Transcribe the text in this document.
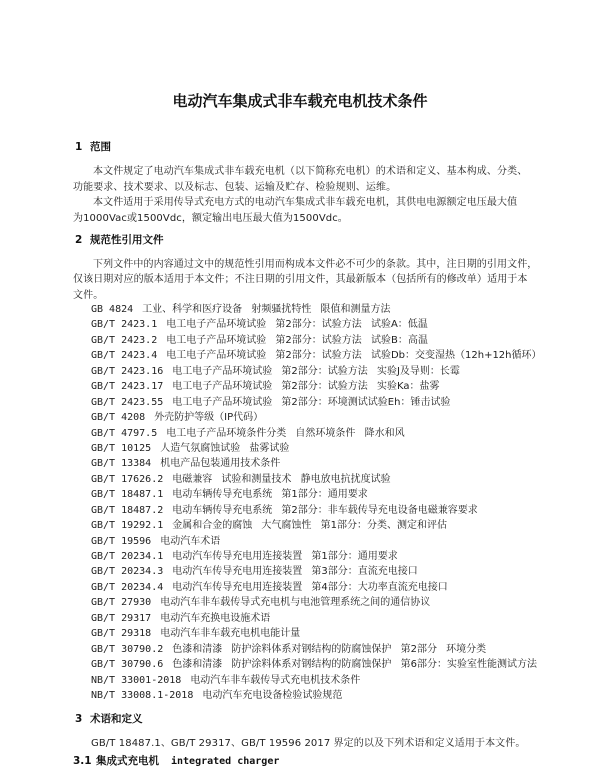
电动汽车集成式非车载充电机技术条件
1 范围
本文件规定了电动汽车集成式非车载充电机（以下简称充电机）的术语和定义、基本构成、分类、
功能要求、技术要求、以及标志、包装、运输及贮存、检验规则、运维。
本文件适用于采用传导式充电方式的电动汽车集成式非车载充电机，其供电电源额定电压最大值
为1000Vac或1500Vdc，额定输出电压最大值为1500Vdc。
2 规范性引用文件
下列文件中的内容通过文中的规范性引用而构成本文件必不可少的条款。其中，注日期的引用文件，
仅该日期对应的版本适用于本文件；不注日期的引用文件，其最新版本（包括所有的修改单）适用于本
文件。
GB 4824 工业、科学和医疗设备 射频骚扰特性 限值和测量方法
GB/T 2423.1 电工电子产品环境试验 第2部分：试验方法 试验A：低温
GB/T 2423.2 电工电子产品环境试验 第2部分：试验方法 试验B：高温
GB/T 2423.4 电工电子产品环境试验 第2部分：试验方法 试验Db：交变湿热（12h+12h循环）
GB/T 2423.16 电工电子产品环境试验 第2部分：试验方法 实验J及导则：长霉
GB/T 2423.17 电工电子产品环境试验 第2部分：试验方法 实验Ka：盐雾
GB/T 2423.55 电工电子产品环境试验 第2部分：环境测试试验Eh：锤击试验
GB/T 4208 外壳防护等级（IP代码）
GB/T 4797.5 电工电子产品环境条件分类 自然环境条件 降水和风
GB/T 10125 人造气氛腐蚀试验 盐雾试验
GB/T 13384 机电产品包装通用技术条件
GB/T 17626.2 电磁兼容 试验和测量技术 静电放电抗扰度试验
GB/T 18487.1 电动车辆传导充电系统 第1部分：通用要求
GB/T 18487.2 电动车辆传导充电系统 第2部分：非车载传导充电设备电磁兼容要求
GB/T 19292.1 金属和合金的腐蚀 大气腐蚀性 第1部分：分类、测定和评估
GB/T 19596 电动汽车术语
GB/T 20234.1 电动汽车传导充电用连接装置 第1部分：通用要求
GB/T 20234.3 电动汽车传导充电用连接装置 第3部分：直流充电接口
GB/T 20234.4 电动汽车传导充电用连接装置 第4部分：大功率直流充电接口
GB/T 27930 电动汽车非车载传导式充电机与电池管理系统之间的通信协议
GB/T 29317 电动汽车充换电设施术语
GB/T 29318 电动汽车非车载充电机电能计量
GB/T 30790.2 色漆和清漆 防护涂料体系对钢结构的防腐蚀保护 第2部分 环境分类
GB/T 30790.6 色漆和清漆 防护涂料体系对钢结构的防腐蚀保护 第6部分：实验室性能测试方法
NB/T 33001-2018 电动汽车非车载传导式充电机技术条件
NB/T 33008.1-2018 电动汽车充电设备检验试验规范
3 术语和定义
GB/T 18487.1、GB/T 29317、GB/T 19596 2017 界定的以及下列术语和定义适用于本文件。
3.1 集成式充电机 integrated charger
